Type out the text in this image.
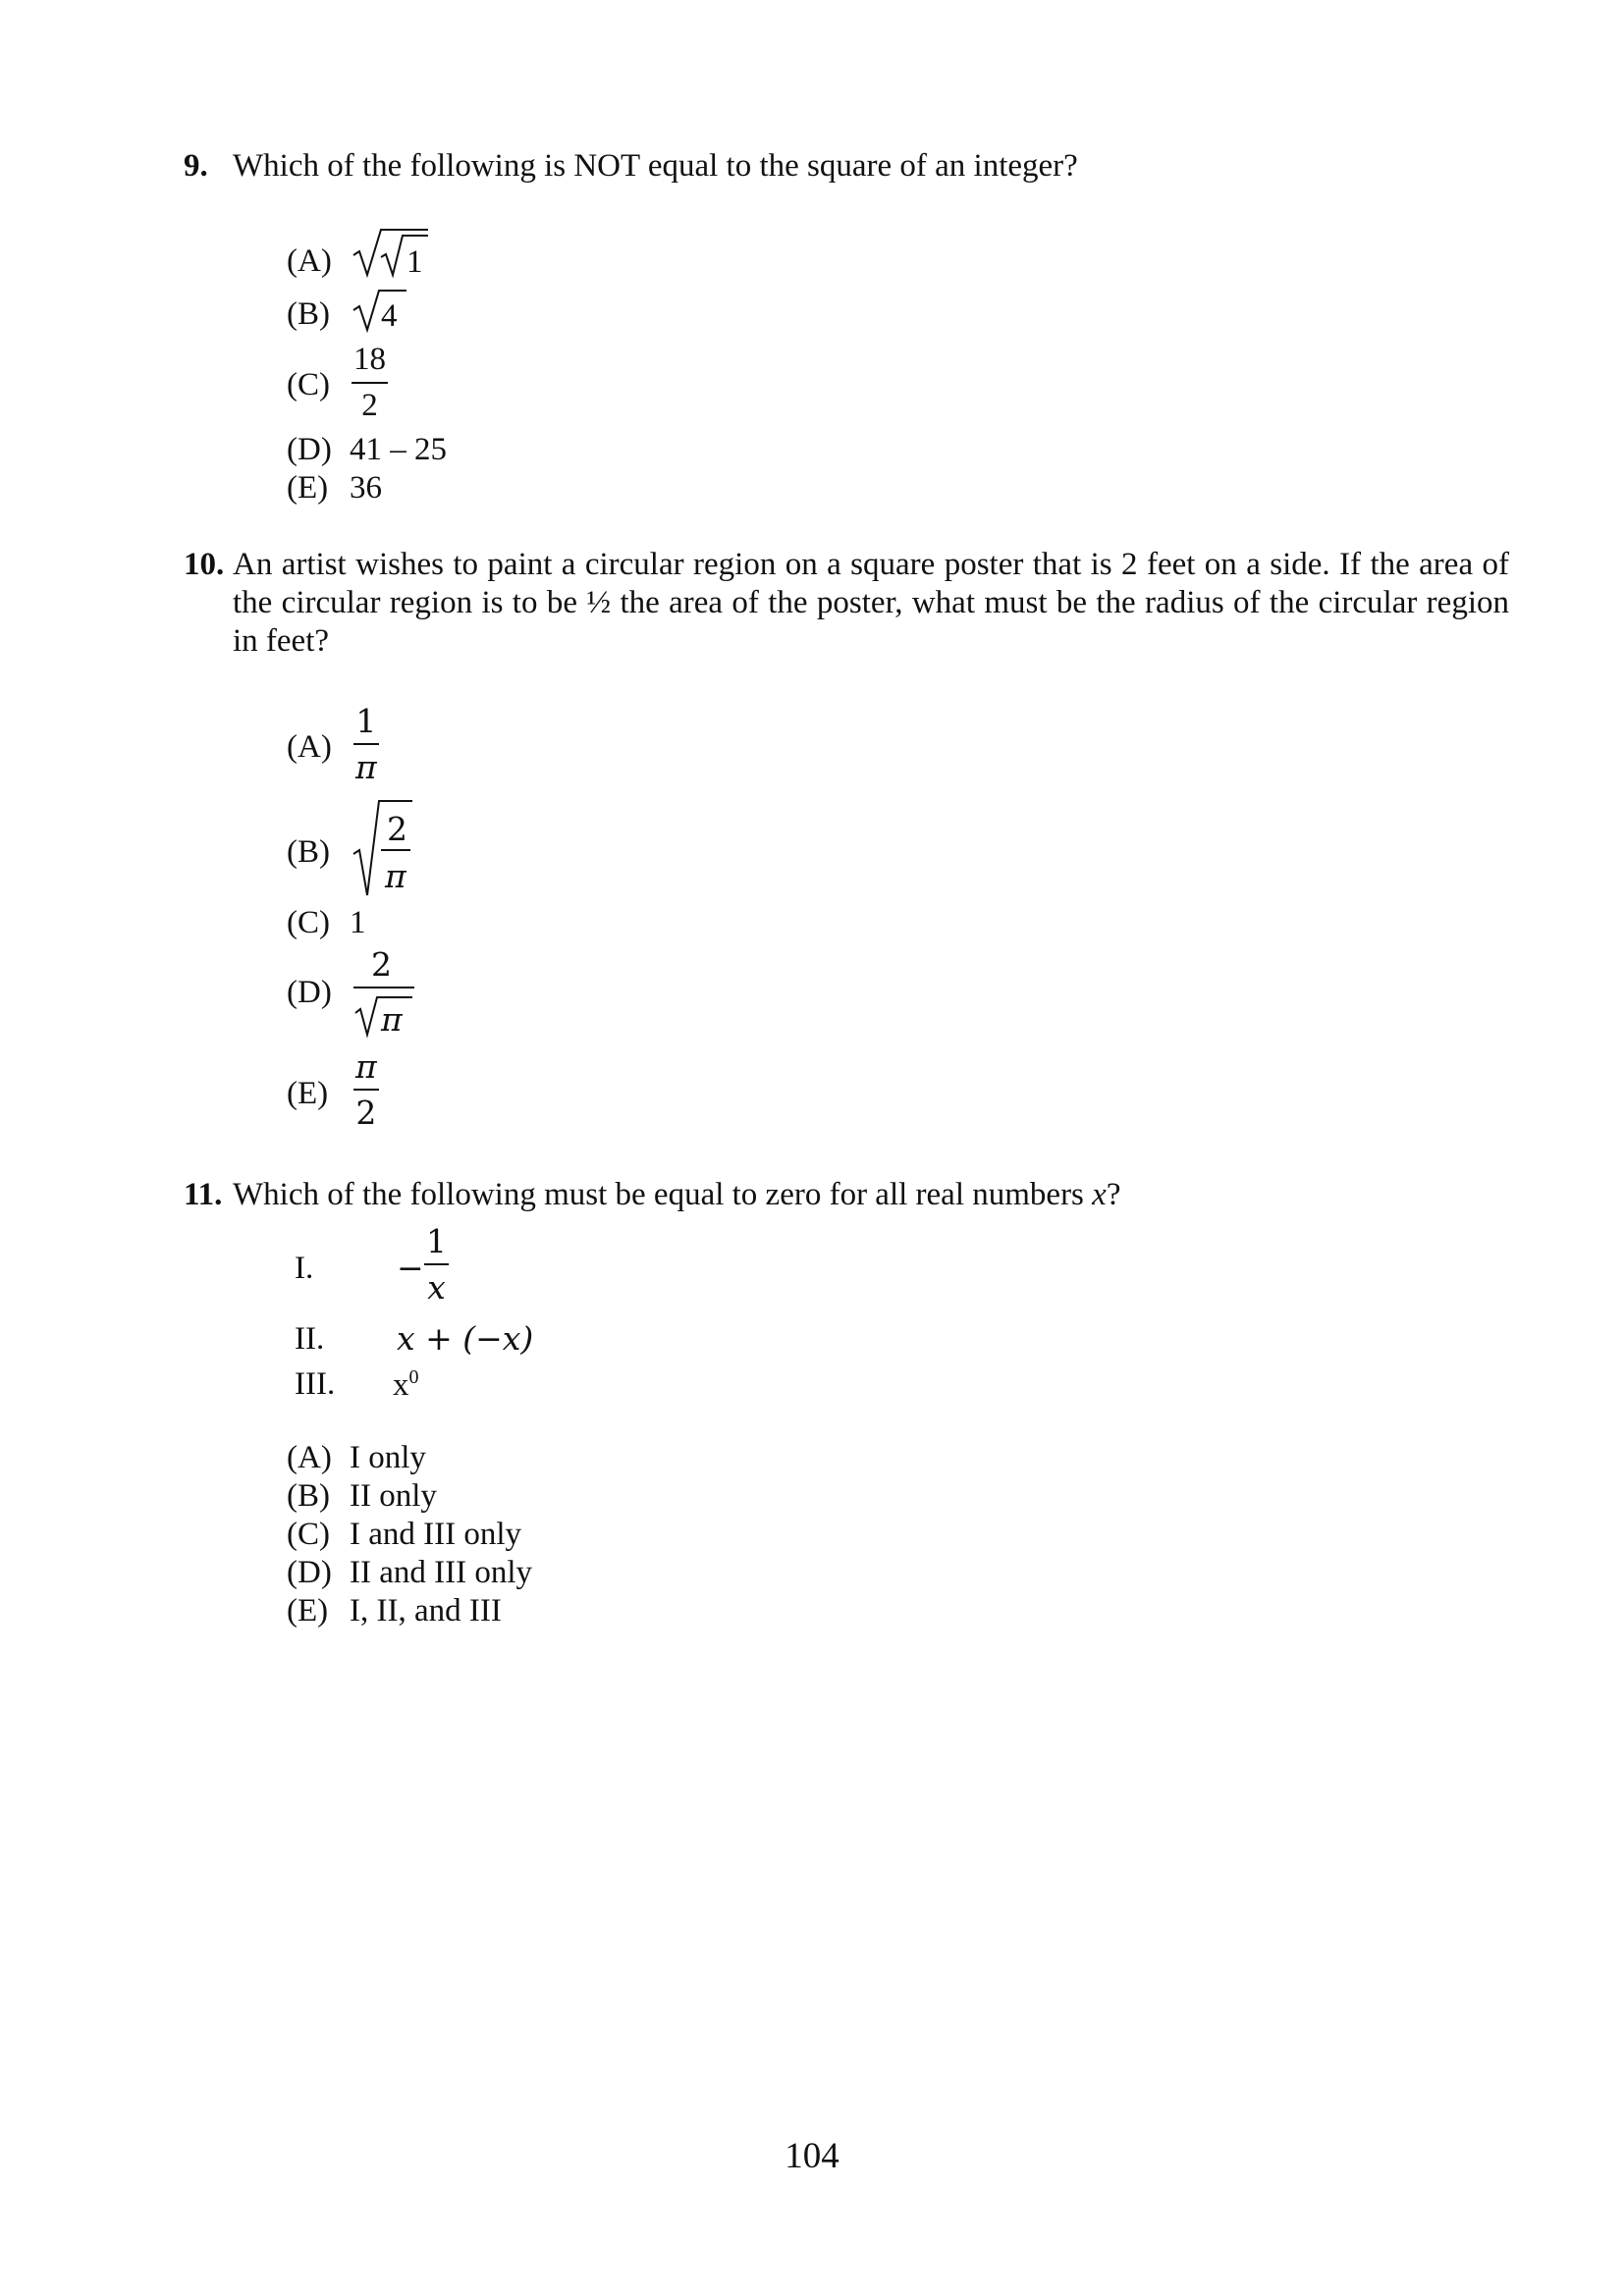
9. Which of the following is NOT equal to the square of an integer?
(A)	1
(B)	4
(C)
18
2
(D) 41 – 25
(E) 36
10. An artist wishes to paint a circular region on a square poster that is 2 feet on a side. If the area of the circular region is to be ½ the area of the poster, what must be the radius of the circular region in feet?
(A)
1
π
(B)
2
π
(C) 1
(D)
2
π
(E)
π
2
11. Which of the following must be equal to zero for all real numbers x?
I.	−
1
x
II. x + (−x)
III. $x^0$
(A) I only
(B) II only
(C) I and III only
(D) II and III only
(E) I, II, and III
104
